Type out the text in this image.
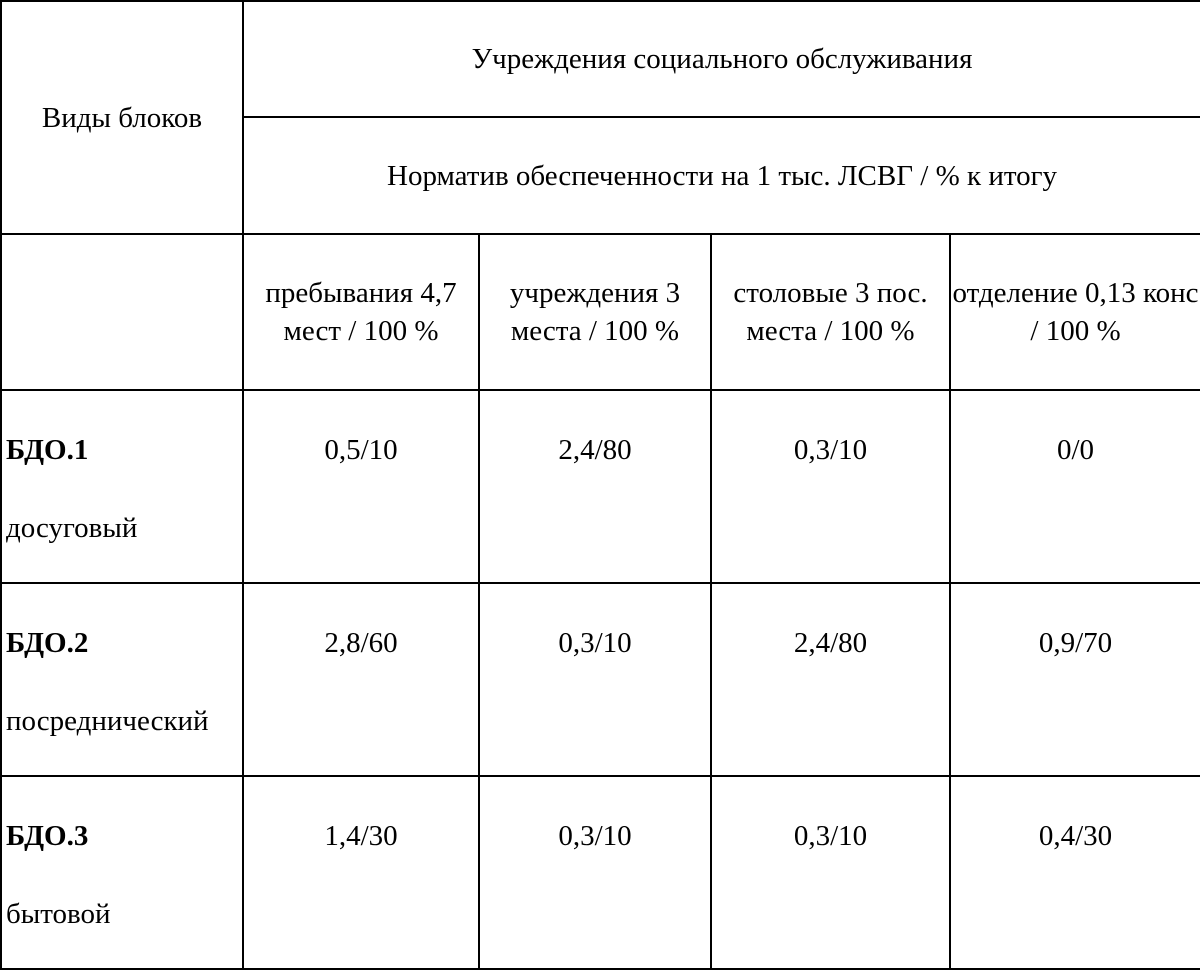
Виды блоков	Учреждения социального обслуживания			
	Норматив обеспеченности на 1 тыс. ЛСВГ / % к итогу			
	пребывания 4,7 мест / 100 %	учреждения 3 места / 100 %	столовые 3 пос. места / 100 %	отделение 0,13 конс / 100 %

БДО.1
досуговый	0,5/10	2,4/80	0,3/10	0/0

БДО.2
посреднический	2,8/60	0,3/10	2,4/80	0,9/70

БДО.3
бытовой	1,4/30	0,3/10	0,3/10	0,4/30
